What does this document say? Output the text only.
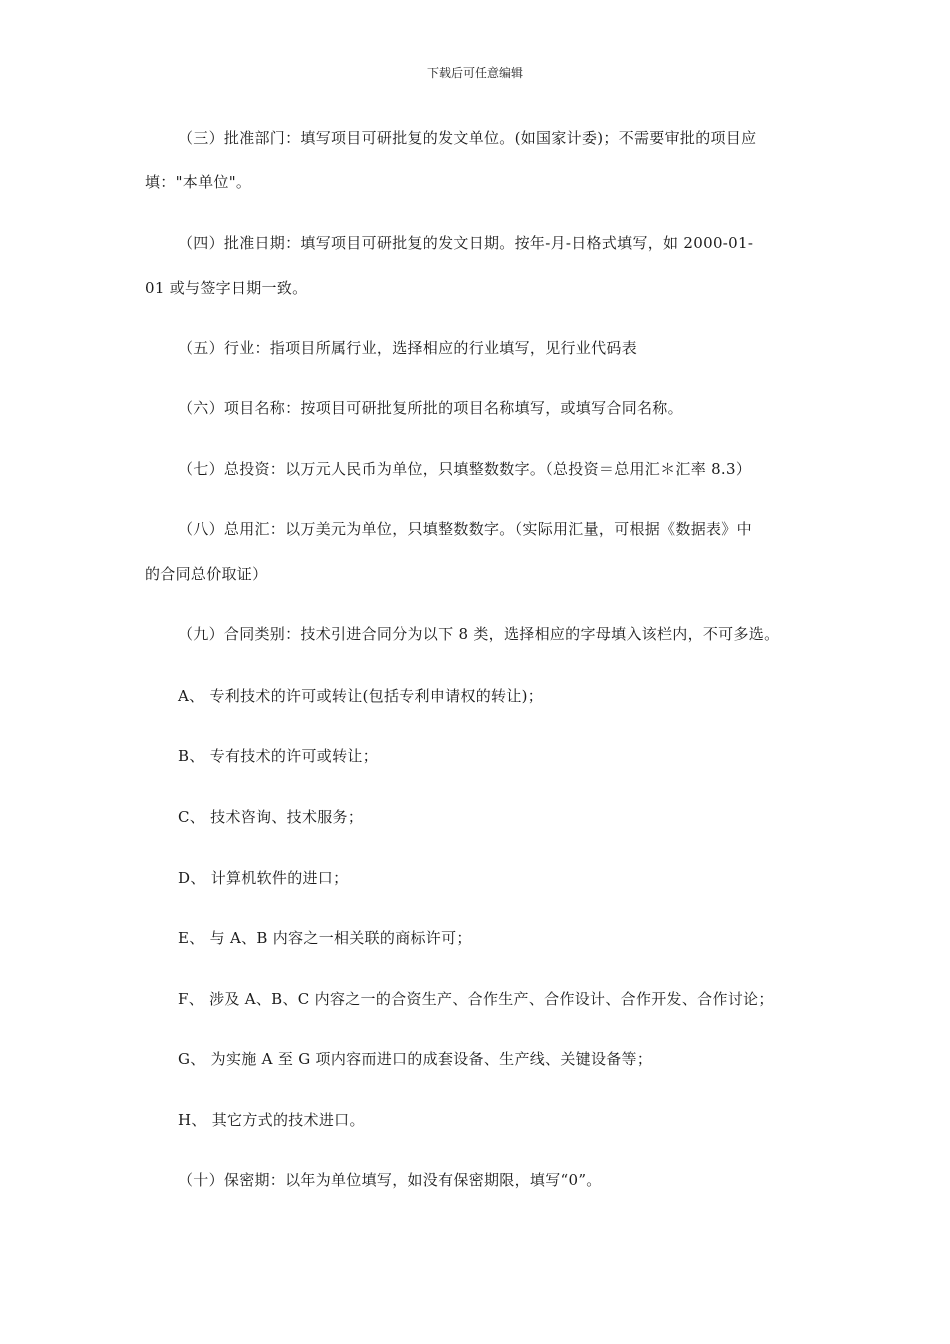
下载后可任意编辑
（三）批准部门：填写项目可研批复的发文单位。(如国家计委)；不需要审批的项目应
填："本单位"。
（四）批准日期：填写项目可研批复的发文日期。按年-月-日格式填写，如 2000-01-
01 或与签字日期一致。
（五）行业：指项目所属行业，选择相应的行业填写，见行业代码表
（六）项目名称：按项目可研批复所批的项目名称填写，或填写合同名称。
（七）总投资：以万元人民币为单位，只填整数数字。（总投资＝总用汇＊汇率 8.3）
（八）总用汇：以万美元为单位，只填整数数字。（实际用汇量，可根据《数据表》中
的合同总价取证）
（九）合同类别：技术引进合同分为以下 8 类，选择相应的字母填入该栏内，不可多选。
A、 专利技术的许可或转让(包括专利申请权的转让)；
B、 专有技术的许可或转让；
C、 技术咨询、技术服务；
D、 计算机软件的进口；
E、 与 A、B 内容之一相关联的商标许可；
F、 涉及 A、B、C 内容之一的合资生产、合作生产、合作设计、合作开发、合作讨论；
G、 为实施 A 至 G 项内容而进口的成套设备、生产线、关键设备等；
H、 其它方式的技术进口。
（十）保密期：以年为单位填写，如没有保密期限，填写“0”。
